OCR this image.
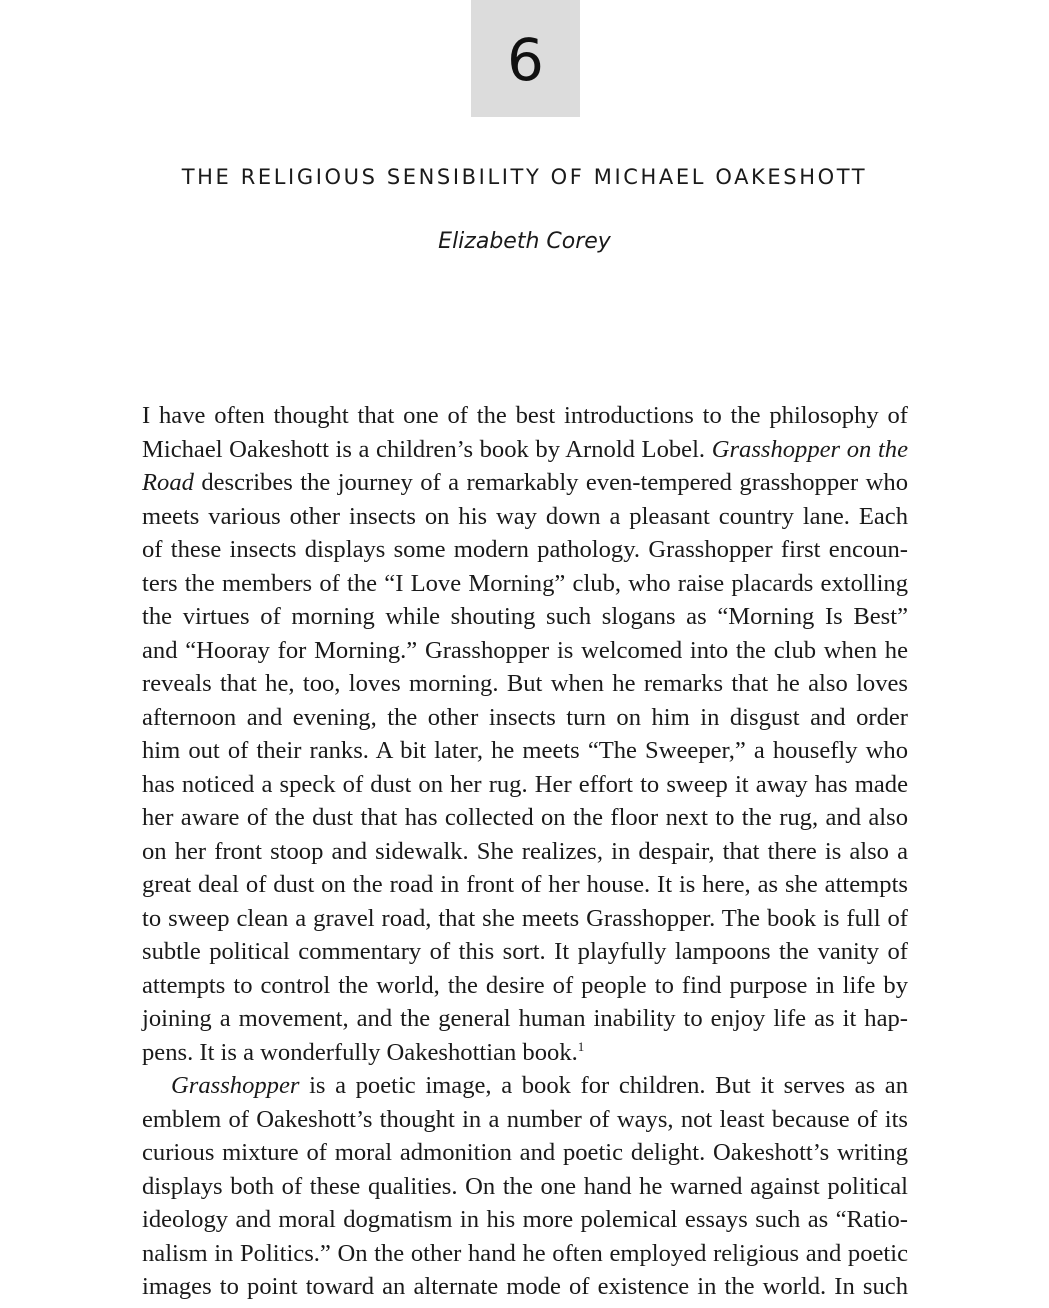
6
THE RELIGIOUS SENSIBILITY OF MICHAEL OAKESHOTT
Elizabeth Corey

I have often thought that one of the best introductions to the philosophy of
Michael Oakeshott is a children’s book by Arnold Lobel. Grasshopper on the
Road describes the journey of a remarkably even-tempered grasshopper who
meets various other insects on his way down a pleasant country lane. Each
of these insects displays some modern pathology. Grasshopper first encoun-
ters the members of the “I Love Morning” club, who raise placards extolling
the virtues of morning while shouting such slogans as “Morning Is Best”
and “Hooray for Morning.” Grasshopper is welcomed into the club when he
reveals that he, too, loves morning. But when he remarks that he also loves
afternoon and evening, the other insects turn on him in disgust and order
him out of their ranks. A bit later, he meets “The Sweeper,” a housefly who
has noticed a speck of dust on her rug. Her effort to sweep it away has made
her aware of the dust that has collected on the floor next to the rug, and also
on her front stoop and sidewalk. She realizes, in despair, that there is also a
great deal of dust on the road in front of her house. It is here, as she attempts
to sweep clean a gravel road, that she meets Grasshopper. The book is full of
subtle political commentary of this sort. It playfully lampoons the vanity of
attempts to control the world, the desire of people to find purpose in life by
joining a movement, and the general human inability to enjoy life as it hap-
pens. It is a wonderfully Oakeshottian book.$^1$

Grasshopper is a poetic image, a book for children. But it serves as an
emblem of Oakeshott’s thought in a number of ways, not least because of its
curious mixture of moral admonition and poetic delight. Oakeshott’s writing
displays both of these qualities. On the one hand he warned against political
ideology and moral dogmatism in his more polemical essays such as “Ratio-
nalism in Politics.” On the other hand he often employed religious and poetic
images to point toward an alternate mode of existence in the world. In such
